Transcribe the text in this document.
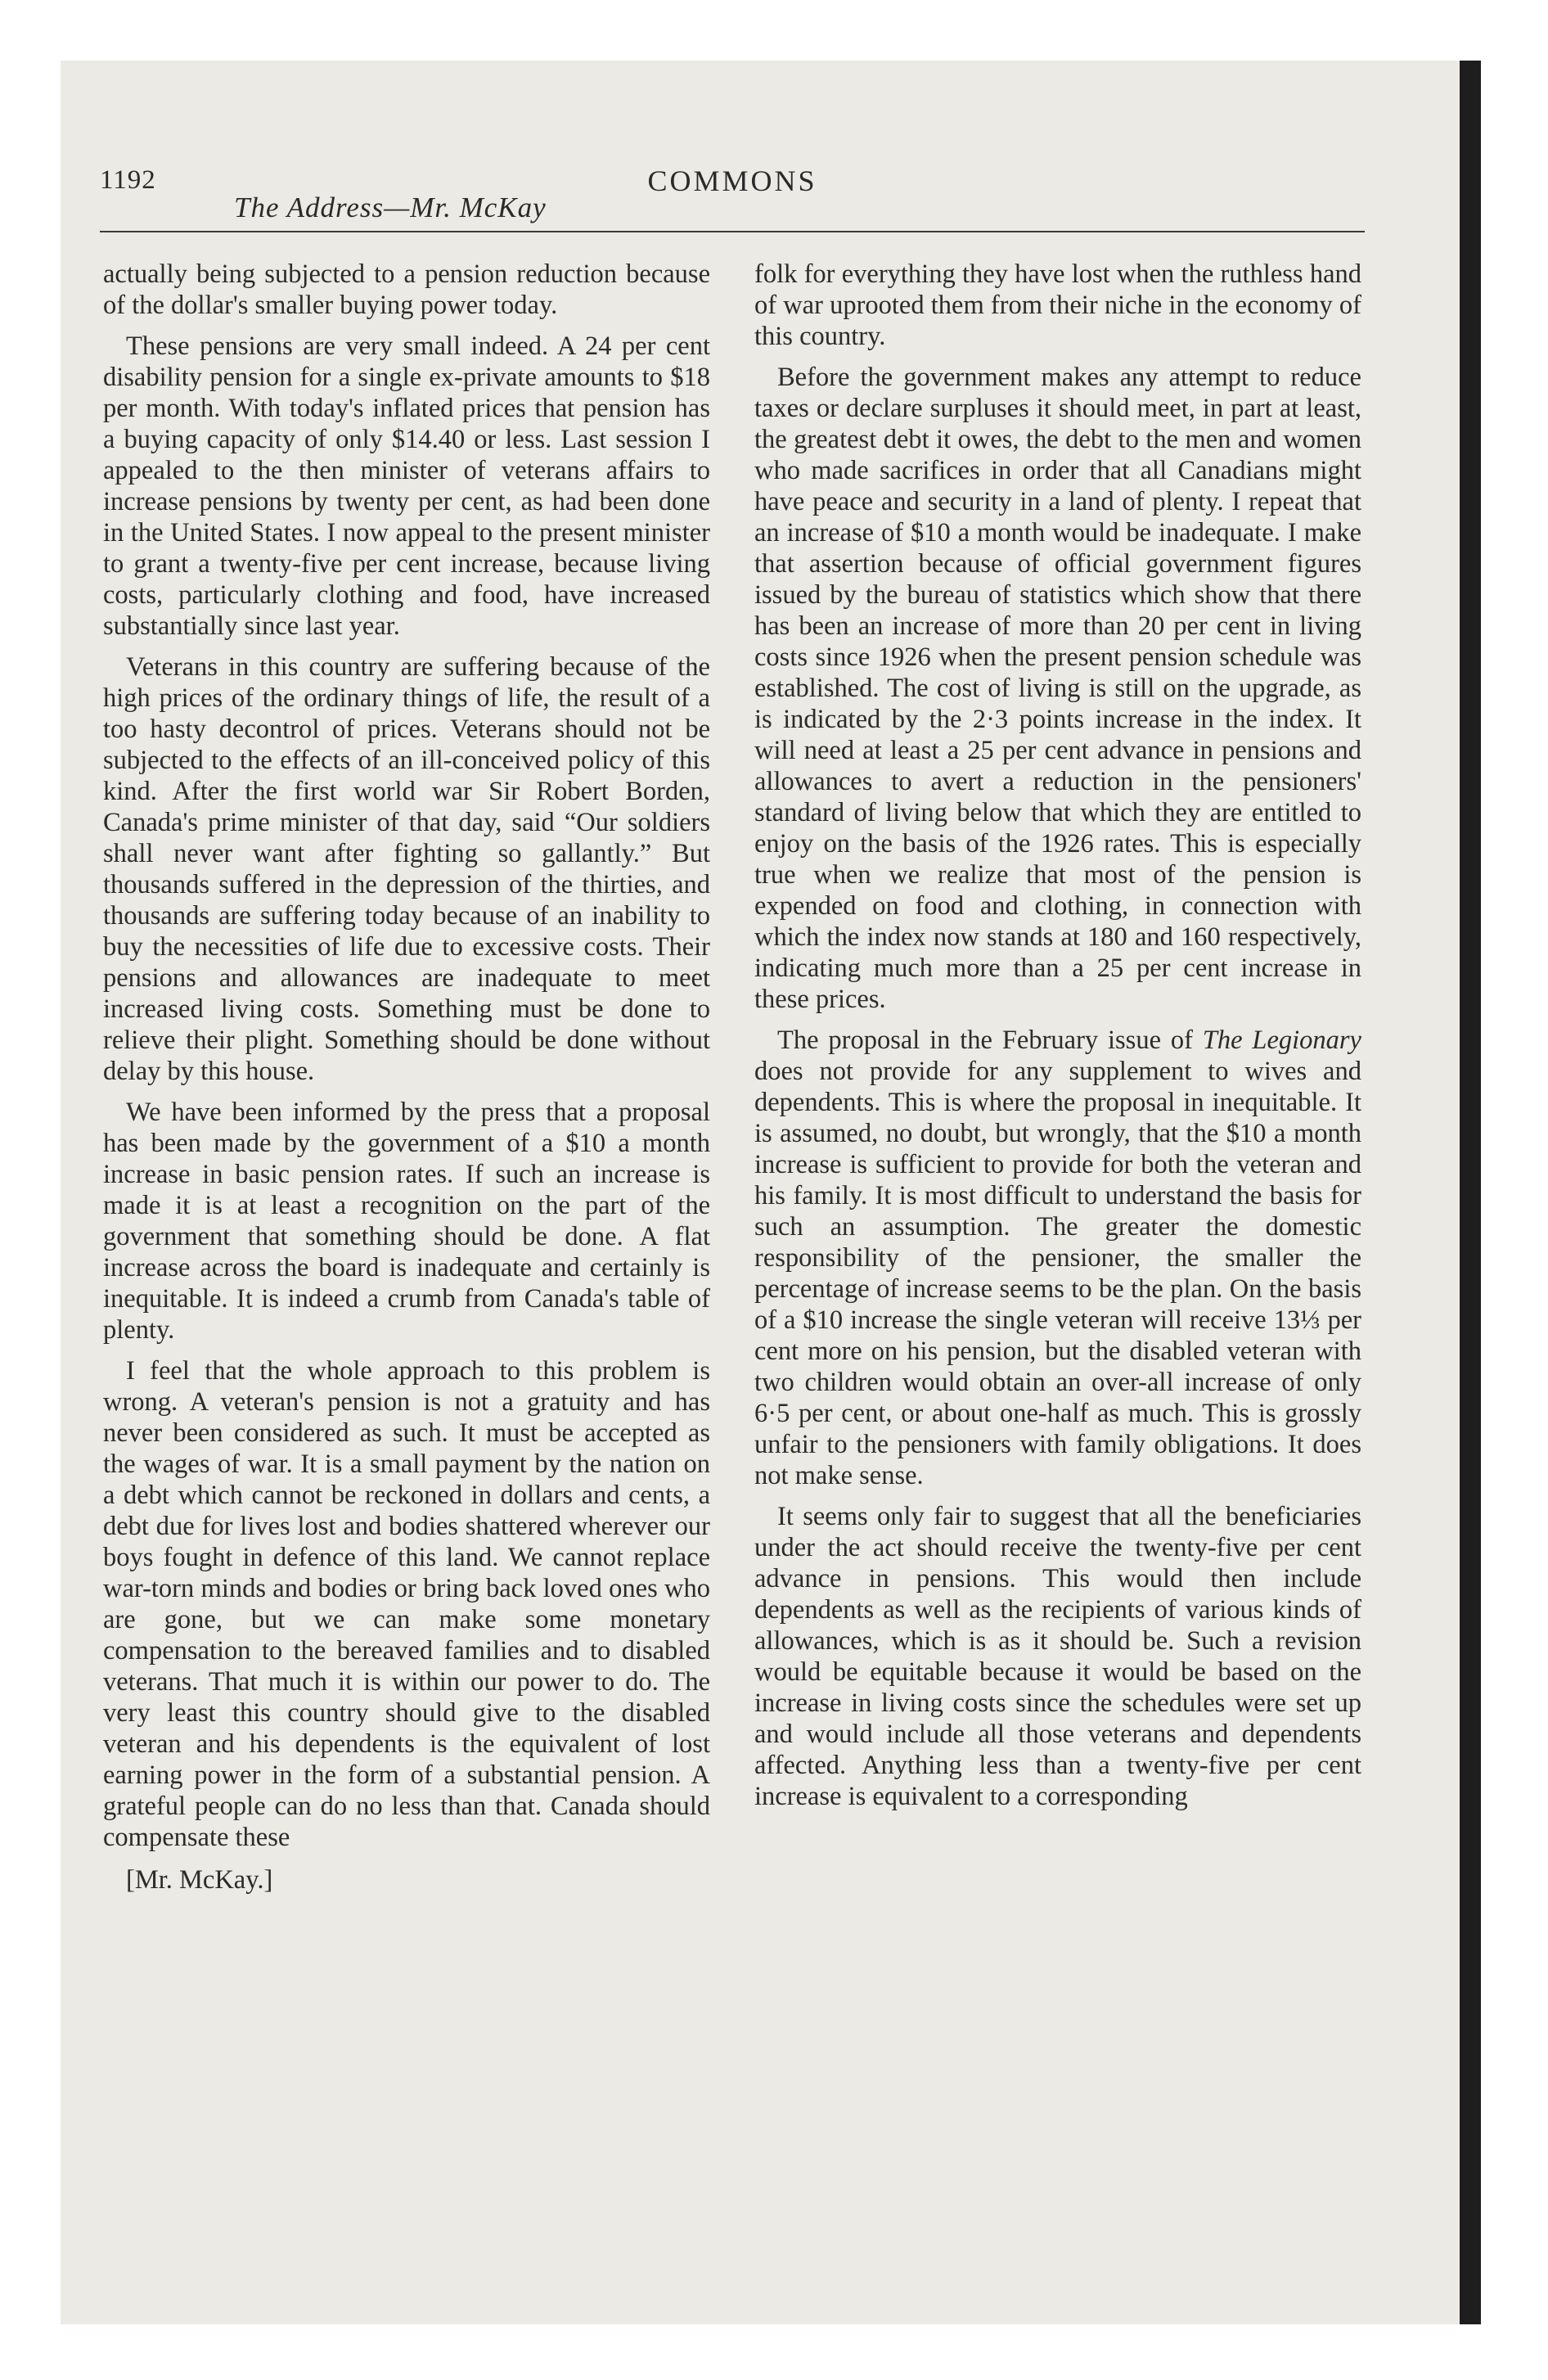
1192
The Address—Mr. McKay
COMMONS

actually being subjected to a pension reduction because of the dollar's smaller buying power today.

These pensions are very small indeed. A 24 per cent disability pension for a single ex-private amounts to $18 per month. With today's inflated prices that pension has a buying capacity of only $14.40 or less. Last session I appealed to the then minister of veterans affairs to increase pensions by twenty per cent, as had been done in the United States. I now appeal to the present minister to grant a twenty-five per cent increase, because living costs, particularly clothing and food, have increased substantially since last year.

Veterans in this country are suffering because of the high prices of the ordinary things of life, the result of a too hasty decontrol of prices. Veterans should not be subjected to the effects of an ill-conceived policy of this kind. After the first world war Sir Robert Borden, Canada's prime minister of that day, said “Our soldiers shall never want after fighting so gallantly.” But thousands suffered in the depression of the thirties, and thousands are suffering today because of an inability to buy the necessities of life due to excessive costs. Their pensions and allowances are inadequate to meet increased living costs. Something must be done to relieve their plight. Something should be done without delay by this house.

We have been informed by the press that a proposal has been made by the government of a $10 a month increase in basic pension rates. If such an increase is made it is at least a recognition on the part of the government that something should be done. A flat increase across the board is inadequate and certainly is inequitable. It is indeed a crumb from Canada's table of plenty.

I feel that the whole approach to this problem is wrong. A veteran's pension is not a gratuity and has never been considered as such. It must be accepted as the wages of war. It is a small payment by the nation on a debt which cannot be reckoned in dollars and cents, a debt due for lives lost and bodies shattered wherever our boys fought in defence of this land. We cannot replace war-torn minds and bodies or bring back loved ones who are gone, but we can make some monetary compensation to the bereaved families and to disabled veterans. That much it is within our power to do. The very least this country should give to the disabled veteran and his dependents is the equivalent of lost earning power in the form of a substantial pension. A grateful people can do no less than that. Canada should compensate these

[Mr. McKay.]

folk for everything they have lost when the ruthless hand of war uprooted them from their niche in the economy of this country.

Before the government makes any attempt to reduce taxes or declare surpluses it should meet, in part at least, the greatest debt it owes, the debt to the men and women who made sacrifices in order that all Canadians might have peace and security in a land of plenty. I repeat that an increase of $10 a month would be inadequate. I make that assertion because of official government figures issued by the bureau of statistics which show that there has been an increase of more than 20 per cent in living costs since 1926 when the present pension schedule was established. The cost of living is still on the upgrade, as is indicated by the 2·3 points increase in the index. It will need at least a 25 per cent advance in pensions and allowances to avert a reduction in the pensioners' standard of living below that which they are entitled to enjoy on the basis of the 1926 rates. This is especially true when we realize that most of the pension is expended on food and clothing, in connection with which the index now stands at 180 and 160 respectively, indicating much more than a 25 per cent increase in these prices.

The proposal in the February issue of The Legionary does not provide for any supplement to wives and dependents. This is where the proposal in inequitable. It is assumed, no doubt, but wrongly, that the $10 a month increase is sufficient to provide for both the veteran and his family. It is most difficult to understand the basis for such an assumption. The greater the domestic responsibility of the pensioner, the smaller the percentage of increase seems to be the plan. On the basis of a $10 increase the single veteran will receive 13⅓ per cent more on his pension, but the disabled veteran with two children would obtain an over-all increase of only 6·5 per cent, or about one-half as much. This is grossly unfair to the pensioners with family obligations. It does not make sense.

It seems only fair to suggest that all the beneficiaries under the act should receive the twenty-five per cent advance in pensions. This would then include dependents as well as the recipients of various kinds of allowances, which is as it should be. Such a revision would be equitable because it would be based on the increase in living costs since the schedules were set up and would include all those veterans and dependents affected. Anything less than a twenty-five per cent increase is equivalent to a corresponding
